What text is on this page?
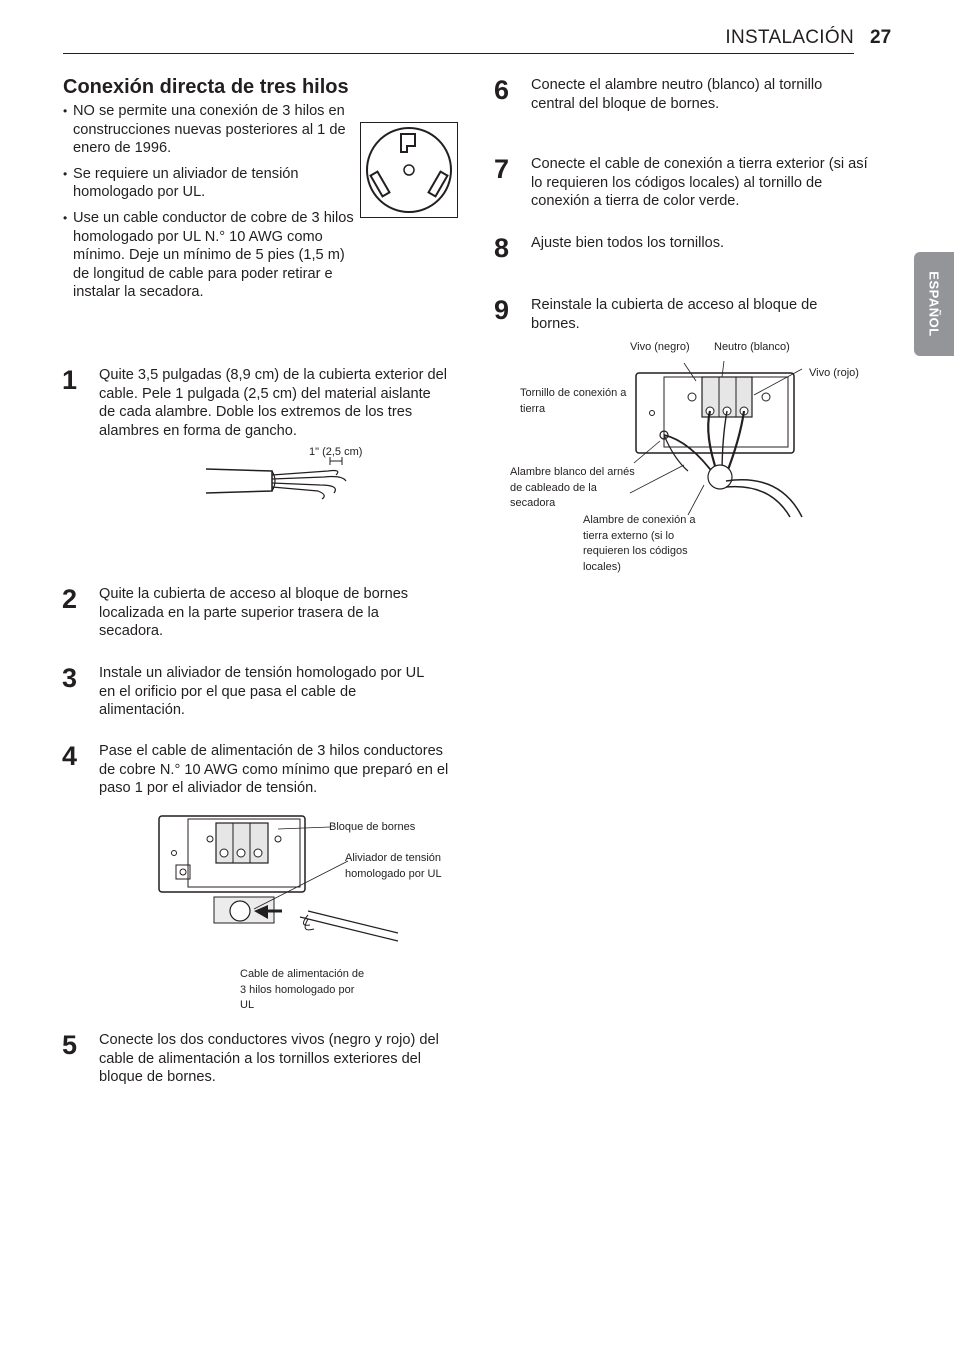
INSTALACIÓN 27
ESPAÑOL
Conexión directa de tres hilos
• NO se permite una conexión de 3 hilos en construcciones nuevas posteriores al 1 de enero de 1996.
• Se requiere un aliviador de tensión homologado por UL.
• Use un cable conductor de cobre de 3 hilos homologado por UL N.° 10 AWG como mínimo. Deje un mínimo de 5 pies (1,5 m) de longitud de cable para poder retirar e instalar la secadora.
1 Quite 3,5 pulgadas (8,9 cm) de la cubierta exterior del cable. Pele 1 pulgada (2,5 cm) del material aislante de cada alambre. Doble los extremos de los tres alambres en forma de gancho.
1" (2,5 cm)
2 Quite la cubierta de acceso al bloque de bornes localizada en la parte superior trasera de la secadora.
3 Instale un aliviador de tensión homologado por UL en el orificio por el que pasa el cable de alimentación.
4 Pase el cable de alimentación de 3 hilos conductores de cobre N.° 10 AWG como mínimo que preparó en el paso 1 por el aliviador de tensión.
Bloque de bornes
Aliviador de tensión homologado por UL
Cable de alimentación de 3 hilos homologado por UL
5 Conecte los dos conductores vivos (negro y rojo) del cable de alimentación a los tornillos exteriores del bloque de bornes.
6 Conecte el alambre neutro (blanco) al tornillo central del bloque de bornes.
7 Conecte el cable de conexión a tierra exterior (si así lo requieren los códigos locales) al tornillo de conexión a tierra de color verde.
8 Ajuste bien todos los tornillos.
9 Reinstale la cubierta de acceso al bloque de bornes.
Vivo (negro) Neutro (blanco)
Vivo (rojo)
Tornillo de conexión a tierra
Alambre blanco del arnés de cableado de la secadora
Alambre de conexión a tierra externo (si lo requieren los códigos locales)
